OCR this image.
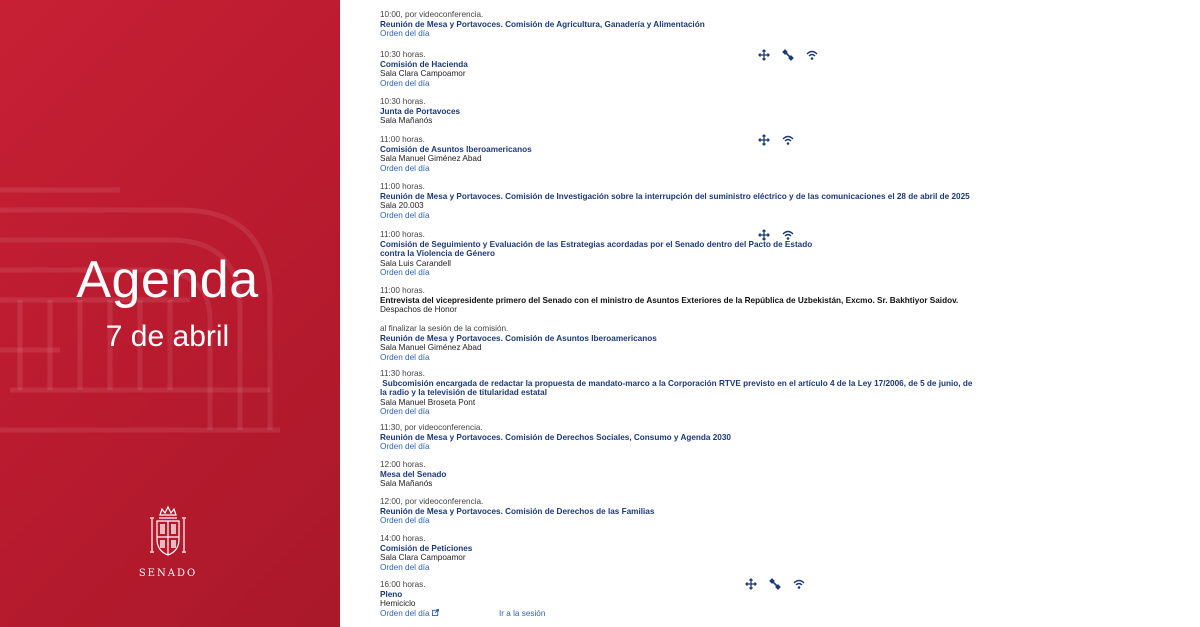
Agenda
7 de abril
SENADO
10:00, por videoconferencia.
Reunión de Mesa y Portavoces. Comisión de Agricultura, Ganadería y Alimentación
Orden del día
10:30 horas.
Comisión de Hacienda
Sala Clara Campoamor
Orden del día
10:30 horas.
Junta de Portavoces
Sala Mañanós
11:00 horas.
Comisión de Asuntos Iberoamericanos
Sala Manuel Giménez Abad
Orden del día
11:00 horas.
Reunión de Mesa y Portavoces. Comisión de Investigación sobre la interrupción del suministro eléctrico y de las comunicaciones el 28 de abril de 2025
Sala 20.003
Orden del día
11:00 horas.
Comisión de Seguimiento y Evaluación de las Estrategias acordadas por el Senado dentro del Pacto de Estado
contra la Violencia de Género
Sala Luis Carandell
Orden del día
11:00 horas.
Entrevista del vicepresidente primero del Senado con el ministro de Asuntos Exteriores de la República de Uzbekistán, Excmo. Sr. Bakhtiyor Saidov.
Despachos de Honor
al finalizar la sesión de la comisión.
Reunión de Mesa y Portavoces. Comisión de Asuntos Iberoamericanos
Sala Manuel Giménez Abad
Orden del día
11:30 horas.
Subcomisión encargada de redactar la propuesta de mandato-marco a la Corporación RTVE previsto en el artículo 4 de la Ley 17/2006, de 5 de junio, de
la radio y la televisión de titularidad estatal
Sala Manuel Broseta Pont
Orden del día
11:30, por videoconferencia.
Reunión de Mesa y Portavoces. Comisión de Derechos Sociales, Consumo y Agenda 2030
Orden del día
12:00 horas.
Mesa del Senado
Sala Mañanós
12:00, por videoconferencia.
Reunión de Mesa y Portavoces. Comisión de Derechos de las Familias
Orden del día
14:00 horas.
Comisión de Peticiones
Sala Clara Campoamor
Orden del día
16:00 horas.
Pleno
Hemiciclo
Orden del día	Ir a la sesión
